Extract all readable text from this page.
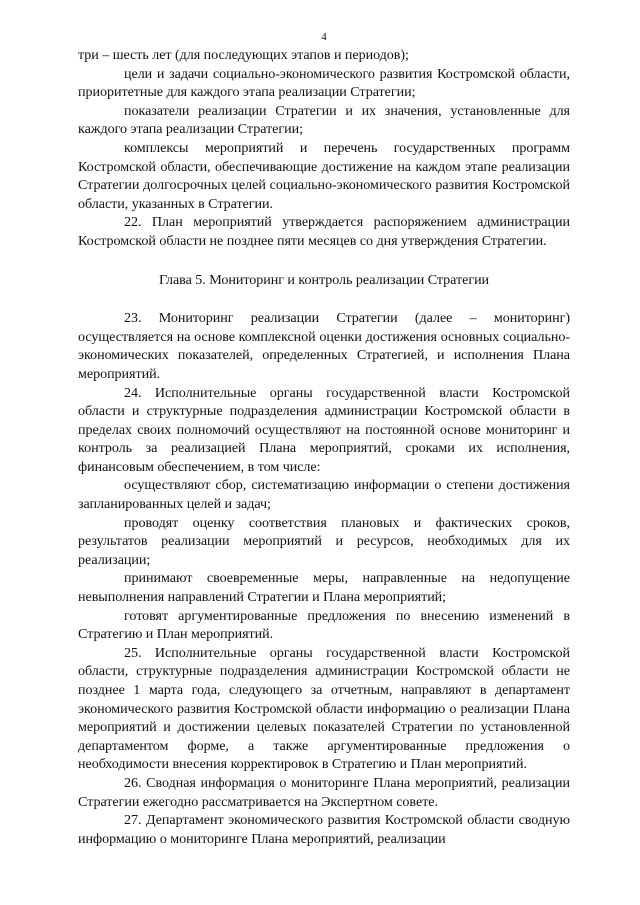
4

три – шесть лет (для последующих этапов и периодов);

цели и задачи социально-экономического развития Костромской области, приоритетные для каждого этапа реализации Стратегии;

показатели реализации Стратегии и их значения, установленные для каждого этапа реализации Стратегии;

комплексы мероприятий и перечень государственных программ Костромской области, обеспечивающие достижение на каждом этапе реализации Стратегии долгосрочных целей социально-экономического развития Костромской области, указанных в Стратегии.

22. План мероприятий утверждается распоряжением администрации Костромской области не позднее пяти месяцев со дня утверждения Стратегии.

Глава 5. Мониторинг и контроль реализации Стратегии

23. Мониторинг реализации Стратегии (далее – мониторинг) осуществляется на основе комплексной оценки достижения основных социально-экономических показателей, определенных Стратегией, и исполнения Плана мероприятий.

24. Исполнительные органы государственной власти Костромской области и структурные подразделения администрации Костромской области в пределах своих полномочий осуществляют на постоянной основе мониторинг и контроль за реализацией Плана мероприятий, сроками их исполнения, финансовым обеспечением, в том числе:

осуществляют сбор, систематизацию информации о степени достижения запланированных целей и задач;

проводят оценку соответствия плановых и фактических сроков, результатов реализации мероприятий и ресурсов, необходимых для их реализации;

принимают своевременные меры, направленные на недопущение невыполнения направлений Стратегии и Плана мероприятий;

готовят аргументированные предложения по внесению изменений в Стратегию и План мероприятий.

25. Исполнительные органы государственной власти Костромской области, структурные подразделения администрации Костромской области не позднее 1 марта года, следующего за отчетным, направляют в департамент экономического развития Костромской области информацию о реализации Плана мероприятий и достижении целевых показателей Стратегии по установленной департаментом форме, а также аргументированные предложения о необходимости внесения корректировок в Стратегию и План мероприятий.

26. Сводная информация о мониторинге Плана мероприятий, реализации Стратегии ежегодно рассматривается на Экспертном совете.

27. Департамент экономического развития Костромской области сводную информацию о мониторинге Плана мероприятий, реализации
